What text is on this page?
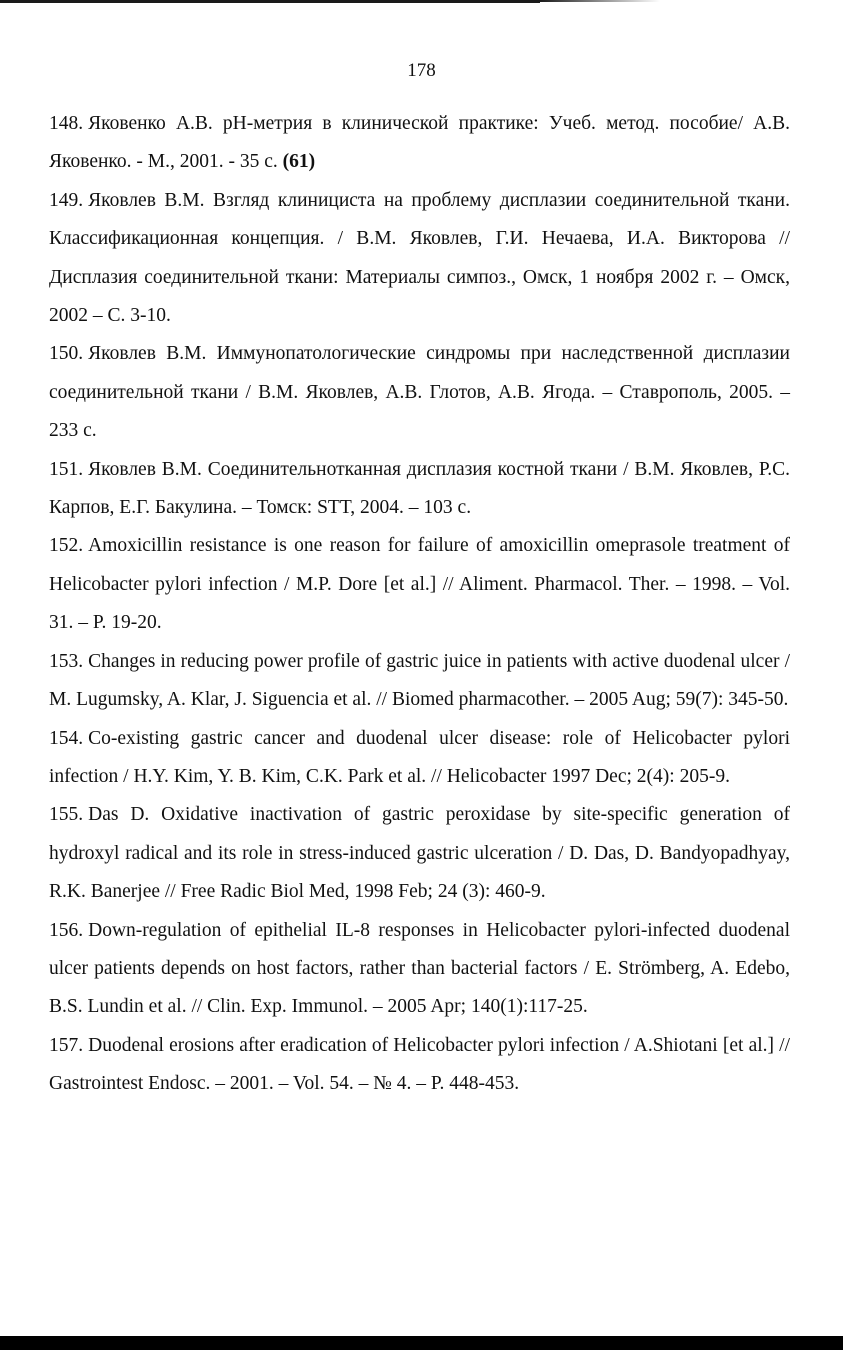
178
148. Яковенко А.В. pH-метрия в клинической практике: Учеб. метод. пособие/ А.В. Яковенко. - М., 2001. - 35 с. (61)
149. Яковлев В.М. Взгляд клинициста на проблему дисплазии соединительной ткани. Классификационная концепция. / В.М. Яковлев, Г.И. Нечаева, И.А. Викторова // Дисплазия соединительной ткани: Материалы симпоз., Омск, 1 ноября 2002 г. – Омск, 2002 – С. 3-10.
150. Яковлев В.М. Иммунопатологические синдромы при наследственной дисплазии соединительной ткани / В.М. Яковлев, А.В. Глотов, А.В. Ягода. – Ставрополь, 2005. – 233 с.
151. Яковлев В.М. Соединительнотканная дисплазия костной ткани / В.М. Яковлев, Р.С. Карпов, Е.Г. Бакулина. – Томск: STT, 2004. – 103 с.
152. Amoxicillin resistance is one reason for failure of amoxicillin omeprasole treatment of Helicobacter pylori infection / M.P. Dore [et al.] // Aliment. Pharmacol. Ther. – 1998. – Vol. 31. – P. 19-20.
153. Changes in reducing power profile of gastric juice in patients with active duodenal ulcer / M. Lugumsky, A. Klar, J. Siguencia et al. // Biomed pharmacother. – 2005 Aug; 59(7): 345-50.
154. Co-existing gastric cancer and duodenal ulcer disease: role of Helicobacter pylori infection / H.Y. Kim, Y. B. Kim, C.K. Park et al. // Helicobacter 1997 Dec; 2(4): 205-9.
155. Das D. Oxidative inactivation of gastric peroxidase by site-specific generation of hydroxyl radical and its role in stress-induced gastric ulceration / D. Das, D. Bandyopadhyay, R.K. Banerjee // Free Radic Biol Med, 1998 Feb; 24 (3): 460-9.
156. Down-regulation of epithelial IL-8 responses in Helicobacter pylori-infected duodenal ulcer patients depends on host factors, rather than bacterial factors / E. Strömberg, A. Edebo, B.S. Lundin et al. // Clin. Exp. Immunol. – 2005 Apr; 140(1):117-25.
157. Duodenal erosions after eradication of Helicobacter pylori infection / A.Shiotani [et al.] // Gastrointest Endosc. – 2001. – Vol. 54. – № 4. – P. 448-453.
